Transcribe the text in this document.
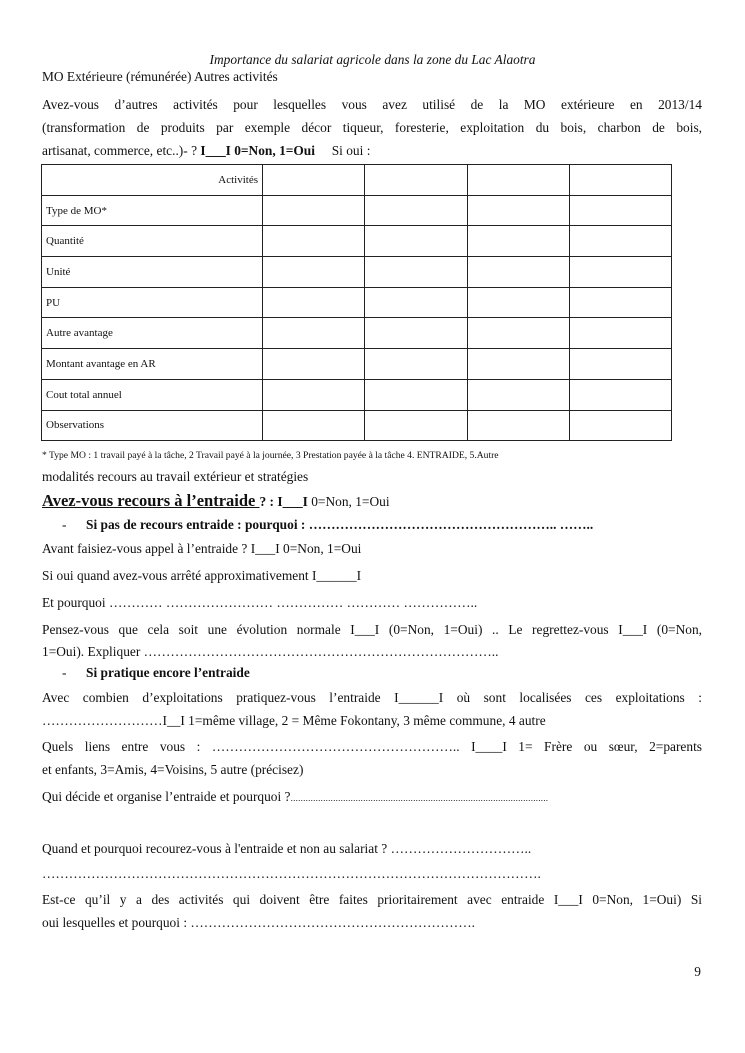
Importance du salariat agricole dans la zone du Lac Alaotra
MO Extérieure (rémunérée) Autres activités
Avez-vous d’autres activités pour lesquelles vous avez utilisé de la MO extérieure en 2013/14
(transformation de produits par exemple décor tiqueur, foresterie, exploitation du bois, charbon de bois,
artisanat, commerce, etc..)- ? I___I 0=Non, 1=Oui     Si oui :
Activités				
Type de MO*				
Quantité				
Unité				
PU				
Autre avantage				
Montant avantage en AR				
Cout total annuel				
Observations				
* Type MO : 1 travail payé à la tâche, 2 Travail payé à la journée, 3 Prestation payée à la tâche 4. ENTRAIDE, 5.Autre
modalités recours au travail extérieur et stratégies
Avez-vous recours à l’entraide ? : I___I 0=Non, 1=Oui
- Si pas de recours entraide : pourquoi : ……………………………………………….. ……..
Avant faisiez-vous appel à l’entraide ? I___I 0=Non, 1=Oui
Si oui quand avez-vous arrêté approximativement I______I
Et pourquoi ………… …………………… …………… ………… ……………..
Pensez-vous que cela soit une évolution normale I___I (0=Non, 1=Oui) .. Le regrettez-vous I___I (0=Non,
1=Oui). Expliquer ……………………………………………………………………..
- Si pratique encore l’entraide
Avec combien d’exploitations pratiquez-vous l’entraide I______I où sont localisées ces exploitations :
………………………I__I 1=même village, 2 = Même Fokontany, 3 même commune, 4 autre
Quels liens entre vous : ……………………………………………….. I____I 1= Frère ou sœur, 2=parents
et enfants, 3=Amis, 4=Voisins, 5 autre (précisez)
Qui décide et organise l’entraide et pourquoi ?.......................................................................................................
Quand et pourquoi recourez-vous à l'entraide et non au salariat ? …………………………..
………………………………………………………………………………………………….
Est-ce qu’il y a des activités qui doivent être faites prioritairement avec entraide I___I 0=Non, 1=Oui) Si
oui lesquelles et pourquoi : ……………………………………………………….
9
